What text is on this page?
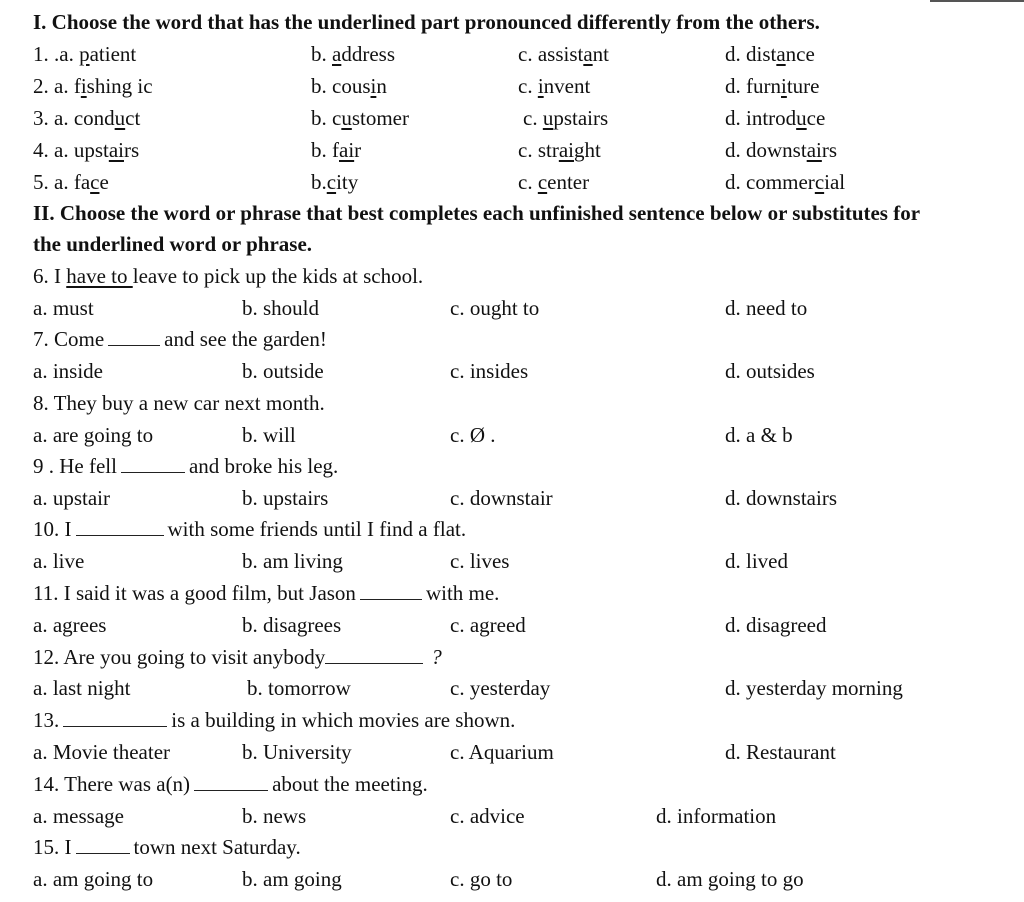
I. Choose the word that has the underlined part pronounced differently from the others.
1. .a. patient	b. address	c. assistant	d. distance
2. a. fishing ic	b. cousin	c. invent	d. furniture
3. a. conduct	b. customer	c. upstairs	d. introduce
4. a. upstairs	b. fair	c. straight	d. downstairs
5. a. face	b.city	c. center	d. commercial
II. Choose the word or phrase that best completes each unfinished sentence below or substitutes for
the underlined word or phrase.
6. I have to leave to pick up the kids at school.
a. must	b. should	c. ought to	d. need to
7. Come	and see the garden!
a. inside	b. outside	c. insides	d. outsides
8. They buy a new car next month.
a. are going to	b. will	c. Ø .	d. a & b
9 . He fell	and broke his leg.
a. upstair	b. upstairs	c. downstair	d. downstairs
10. I	with some friends until I find a flat.
a. live	b. am living	c. lives	d. lived
11. I said it was a good film, but Jason	with me.
a. agrees	b. disagrees	c. agreed	d. disagreed
12. Are you going to visit anybody	?
a. last night	b. tomorrow	c. yesterday	d. yesterday morning
13.	is a building in which movies are shown.
a. Movie theater	b. University	c. Aquarium	d. Restaurant
14. There was a(n)	about the meeting.
a. message	b. news	c. advice	d. information
15. I	town next Saturday.
a. am going to	b. am going	c. go to	d. am going to go
